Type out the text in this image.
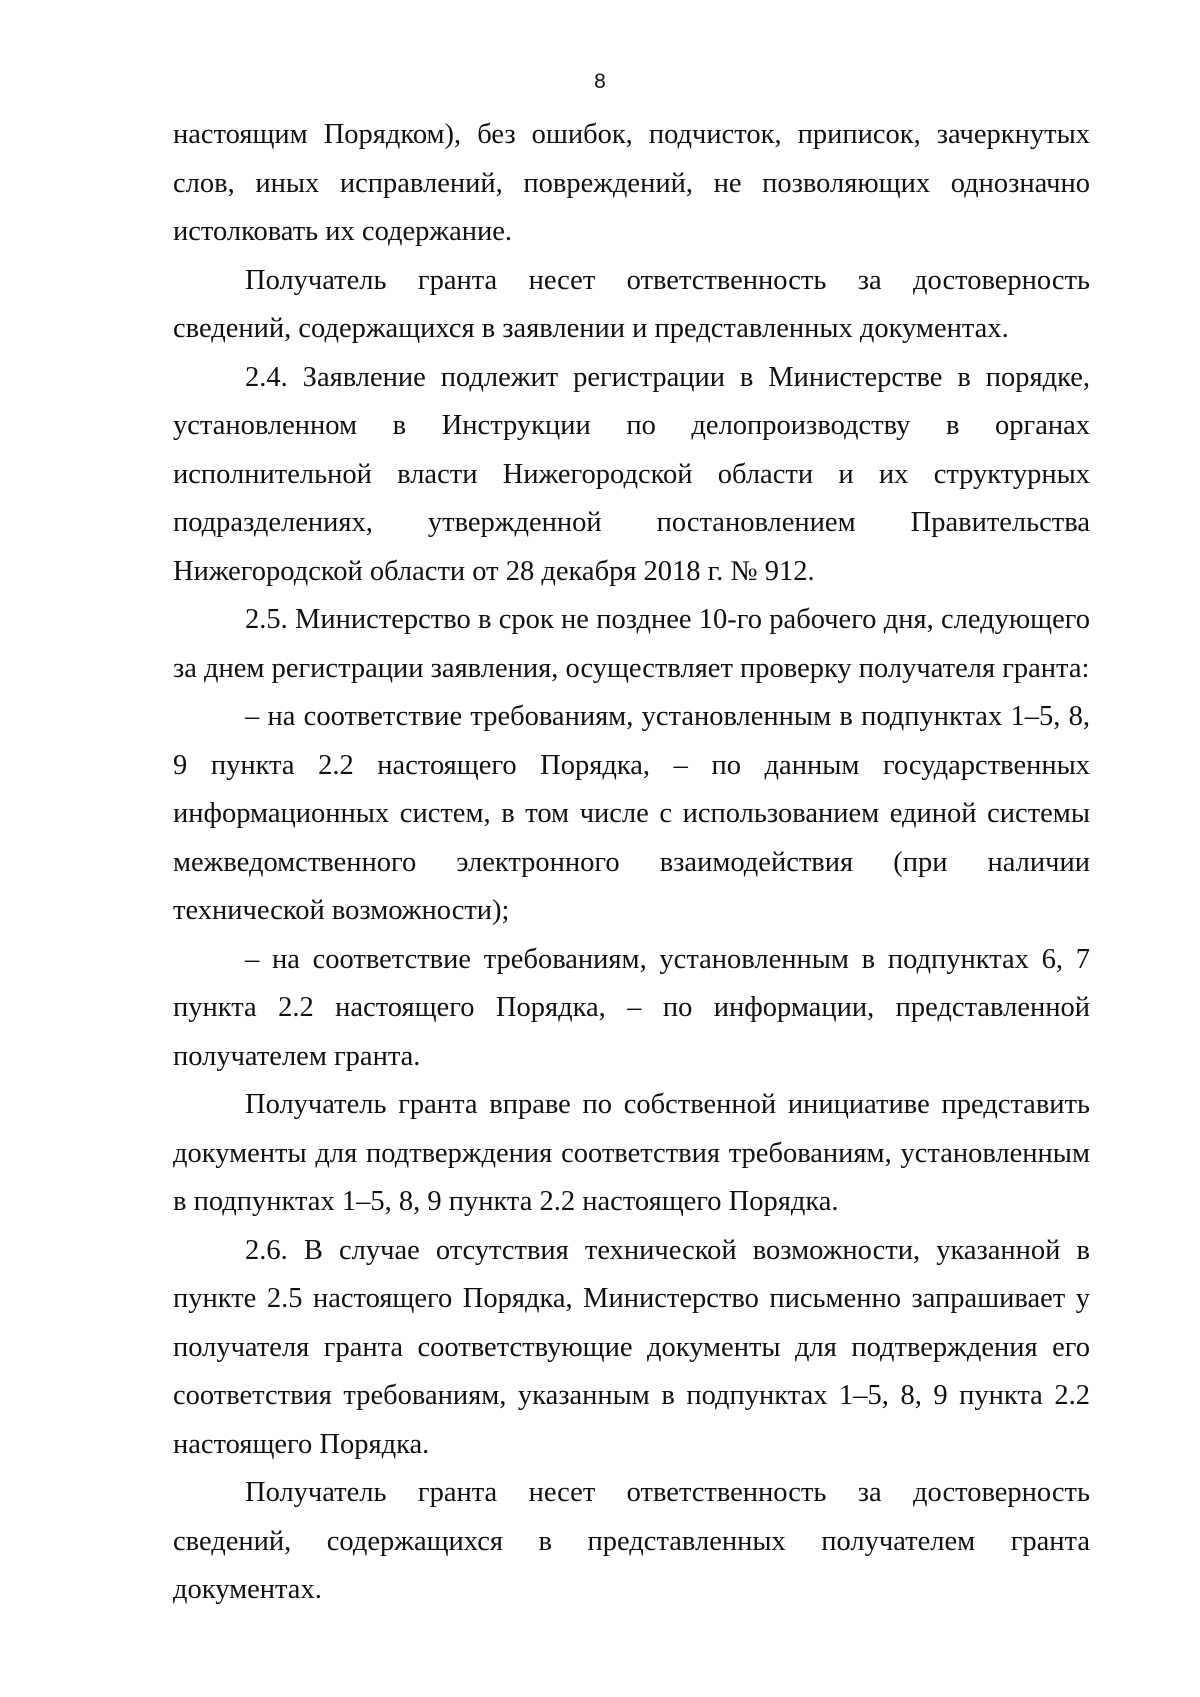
8

настоящим Порядком), без ошибок, подчисток, приписок, зачеркнутых слов, иных исправлений, повреждений, не позволяющих однозначно истолковать их содержание.

Получатель гранта несет ответственность за достоверность сведений, содержащихся в заявлении и представленных документах.

2.4. Заявление подлежит регистрации в Министерстве в порядке, установленном в Инструкции по делопроизводству в органах исполнительной власти Нижегородской области и их структурных подразделениях, утвержденной постановлением Правительства Нижегородской области от 28 декабря 2018 г. № 912.

2.5. Министерство в срок не позднее 10-го рабочего дня, следующего за днем регистрации заявления, осуществляет проверку получателя гранта:

– на соответствие требованиям, установленным в подпунктах 1–5, 8, 9 пункта 2.2 настоящего Порядка, – по данным государственных информационных систем, в том числе с использованием единой системы межведомственного электронного взаимодействия (при наличии технической возможности);

– на соответствие требованиям, установленным в подпунктах 6, 7 пункта 2.2 настоящего Порядка, – по информации, представленной получателем гранта.

Получатель гранта вправе по собственной инициативе представить документы для подтверждения соответствия требованиям, установленным в подпунктах 1–5, 8, 9 пункта 2.2 настоящего Порядка.

2.6. В случае отсутствия технической возможности, указанной в пункте 2.5 настоящего Порядка, Министерство письменно запрашивает у получателя гранта соответствующие документы для подтверждения его соответствия требованиям, указанным в подпунктах 1–5, 8, 9 пункта 2.2 настоящего Порядка.

Получатель гранта несет ответственность за достоверность сведений, содержащихся в представленных получателем гранта документах.
